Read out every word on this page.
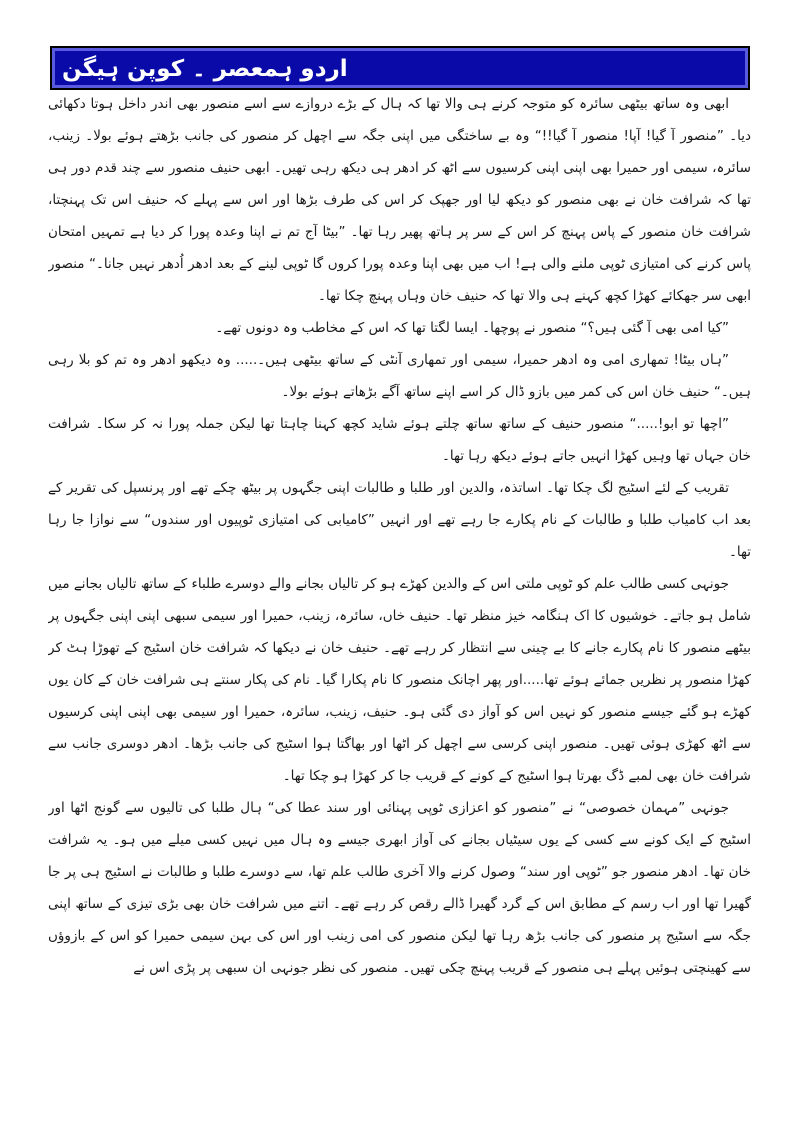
اردو ہمعصر ۔ کوپن ہیگن

ابھی وہ ساتھ بیٹھی سائرہ کو متوجہ کرنے ہی والا تھا کہ ہال کے بڑے دروازے سے اسے منصور بھی اندر داخل ہوتا دکھائی دیا۔ ”منصور آ گیا! آپا! منصور آ گیا!!“ وہ بے ساختگی میں اپنی جگہ سے اچھل کر منصور کی جانب بڑھتے ہوئے بولا۔ زینب، سائرہ، سیمی اور حمیرا بھی اپنی اپنی کرسیوں سے اٹھ کر ادھر ہی دیکھ رہی تھیں۔ ابھی حنیف منصور سے چند قدم دور ہی تھا کہ شرافت خان نے بھی منصور کو دیکھ لیا اور جھپک کر اس کی طرف بڑھا اور اس سے پہلے کہ حنیف اس تک پہنچتا، شرافت خان منصور کے پاس پہنچ کر اس کے سر پر ہاتھ پھیر رہا تھا۔ ”بیٹا آج تم نے اپنا وعدہ پورا کر دیا ہے تمہیں امتحان پاس کرنے کی امتیازی ٹوپی ملنے والی ہے! اب میں بھی اپنا وعدہ پورا کروں گا ٹوپی لینے کے بعد ادھر اُدھر نہیں جانا۔“ منصور ابھی سر جھکائے کھڑا کچھ کہنے ہی والا تھا کہ حنیف خان وہاں پہنچ چکا تھا۔

”کیا امی بھی آ گئی ہیں؟“ منصور نے پوچھا۔ ایسا لگتا تھا کہ اس کے مخاطب وہ دونوں تھے۔

”ہاں بیٹا! تمھاری امی وہ ادھر حمیرا، سیمی اور تمھاری آنٹی کے ساتھ بیٹھی ہیں۔..... وہ دیکھو ادھر وہ تم کو بلا رہی ہیں۔“ حنیف خان اس کی کمر میں بازو ڈال کر اسے اپنے ساتھ آگے بڑھاتے ہوئے بولا۔

”اچھا تو ابو!.....“ منصور حنیف کے ساتھ ساتھ چلتے ہوئے شاید کچھ کہنا چاہتا تھا لیکن جملہ پورا نہ کر سکا۔ شرافت خان جہاں تھا وہیں کھڑا انہیں جاتے ہوئے دیکھ رہا تھا۔

تقریب کے لئے اسٹیج لگ چکا تھا۔ اساتذہ، والدین اور طلبا و طالبات اپنی جگہوں پر بیٹھ چکے تھے اور پرنسپل کی تقریر کے بعد اب کامیاب طلبا و طالبات کے نام پکارے جا رہے تھے اور انہیں ”کامیابی کی امتیازی ٹوپیوں اور سندوں“ سے نوازا جا رہا تھا۔

جونہی کسی طالب علم کو ٹوپی ملتی اس کے والدین کھڑے ہو کر تالیاں بجانے والے دوسرے طلباء کے ساتھ تالیاں بجانے میں شامل ہو جاتے۔ خوشیوں کا اک ہنگامہ خیز منظر تھا۔ حنیف خاں، سائرہ، زینب، حمیرا اور سیمی سبھی اپنی اپنی جگہوں پر بیٹھے منصور کا نام پکارے جانے کا بے چینی سے انتظار کر رہے تھے۔ حنیف خان نے دیکھا کہ شرافت خان اسٹیج کے تھوڑا ہٹ کر کھڑا منصور پر نظریں جمائے ہوئے تھا.....اور پھر اچانک منصور کا نام پکارا گیا۔ نام کی پکار سنتے ہی شرافت خان کے کان یوں کھڑے ہو گئے جیسے منصور کو نہیں اس کو آواز دی گئی ہو۔ حنیف، زینب، سائرہ، حمیرا اور سیمی بھی اپنی اپنی کرسیوں سے اٹھ کھڑی ہوئی تھیں۔ منصور اپنی کرسی سے اچھل کر اٹھا اور بھاگتا ہوا اسٹیج کی جانب بڑھا۔ ادھر دوسری جانب سے شرافت خان بھی لمبے ڈگ بھرتا ہوا اسٹیج کے کونے کے قریب جا کر کھڑا ہو چکا تھا۔

جونہی ”مہمان خصوصی“ نے ”منصور کو اعزازی ٹوپی پہنائی اور سند عطا کی“ ہال طلبا کی تالیوں سے گونج اٹھا اور اسٹیج کے ایک کونے سے کسی کے یوں سیٹیاں بجانے کی آواز ابھری جیسے وہ ہال میں نہیں کسی میلے میں ہو۔ یہ شرافت خان تھا۔ ادھر منصور جو ”ٹوپی اور سند“ وصول کرنے والا آخری طالب علم تھا، سے دوسرے طلبا و طالبات نے اسٹیج ہی پر جا گھیرا تھا اور اب رسم کے مطابق اس کے گرد گھیرا ڈالے رقص کر رہے تھے۔ اتنے میں شرافت خان بھی بڑی تیزی کے ساتھ اپنی جگہ سے اسٹیج پر منصور کی جانب بڑھ رہا تھا لیکن منصور کی امی زینب اور اس کی بہن سیمی حمیرا کو اس کے بازوؤں سے کھینچتی ہوئیں پہلے ہی منصور کے قریب پہنچ چکی تھیں۔ منصور کی نظر جونہی ان سبھی پر پڑی اس نے
